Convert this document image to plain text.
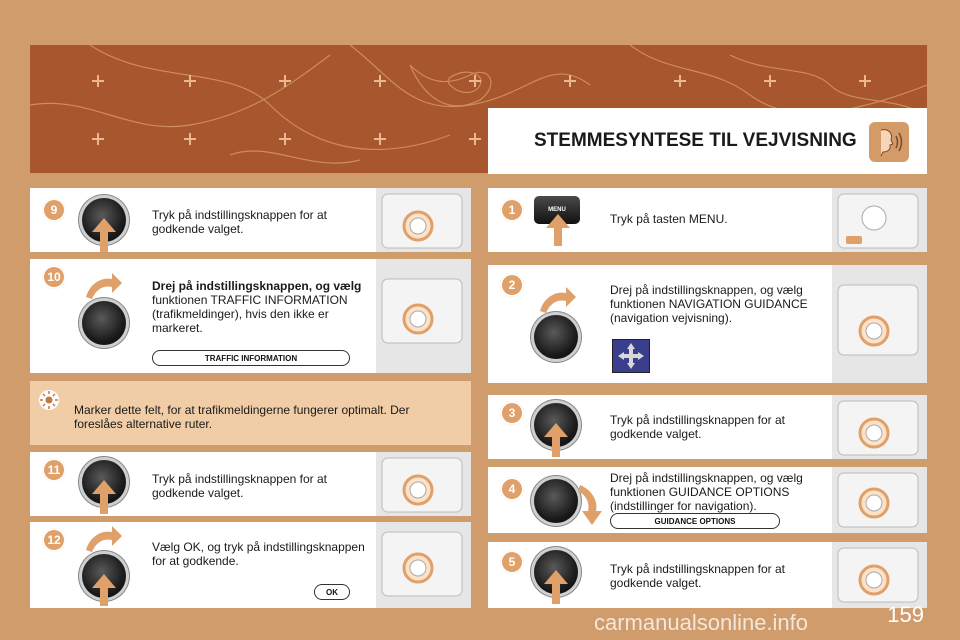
STEMMESYNTESE TIL VEJVISNING
9	Tryk på indstillingsknappen for at godkende valget.
10
Drej på indstillingsknappen, og vælg
funktionen TRAFFIC INFORMATION (trafikmeldinger), hvis den ikke er markeret.
TRAFFIC INFORMATION
Marker dette felt, for at trafikmeldingerne fungerer optimalt. Der foreslåes alternative ruter.
11
Tryk på indstillingsknappen for at godkende valget.
12	Vælg OK, og tryk på indstillingsknappen for at godkende.
OK
1	MENU
Tryk på tasten MENU.
2	Drej på indstillingsknappen, og vælg funktionen NAVIGATION GUIDANCE (navigation vejvisning).
3	Tryk på indstillingsknappen for at godkende valget.
4
Drej på indstillingsknappen, og vælg funktionen GUIDANCE OPTIONS (indstillinger for navigation).
GUIDANCE OPTIONS
5	Tryk på indstillingsknappen for at godkende valget.
159
carmanualsonline.info
